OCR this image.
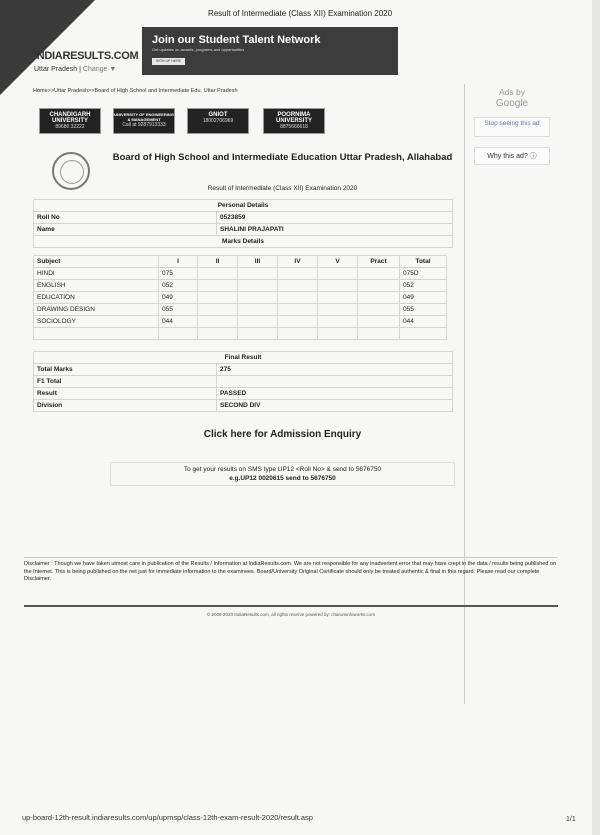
Result of Intermediate (Class XII) Examination 2020
INDIARESULTS.COM
Uttar Pradesh | Change ▼
Join our Student Talent Network
Get updates on awards, programs and opportunities
SIGN UP HERE
Home>>Uttar Pradesh>>Board of High School and Intermediate Edu. Uttar Pradesh
CHANDIGARH UNIVERSITY
89680 32222
UNIVERSITY OF ENGINEERING & MANAGEMENT
Call at 9287913333
GNIOT
18002706969
POORNIMA UNIVERSITY
8875666618
Ads by
Google
Stop seeing this ad
Why this ad? ⓘ
Board of High School and Intermediate Education Uttar Pradesh, Allahabad
Result of Intermediate (Class XII) Examination 2020
Personal Details	
Roll No	0523859
Name	SHALINI PRAJAPATI
Marks Details	
Subject	I	II	III	IV	V	Pract	Total
HINDI	075						075D
ENGLISH	052						052
EDUCATION	049						049
DRAWING DESIGN	055						055
SOCIOLOGY	044						044

Final Result	
Total Marks	275
F1 Total	
Result	PASSED
Division	SECOND DIV
Click here for Admission Enquiry
To get your results on SMS type UP12 <Roll No> & send to 5676750
e.g.UP12 0020615 send to 5676750
Disclaimer : Though we have taken utmost care in publication of the Results / Information at IndiaResults.com. We are not responsible for any inadvertent error that may have crept in the data / results being published on the Internet. This is being published on the net just for immediate information to the examinees. Board/University Original Certificate should only be treated authentic & final in this regard. Please read our complete Disclaimer.
© 2006-2020 IndiaResults.com, all rights reserve powered by: charuminfoworks.com
up-board-12th-result.indiaresults.com/up/upmsp/class-12th-exam-result-2020/result.asp	1/1
